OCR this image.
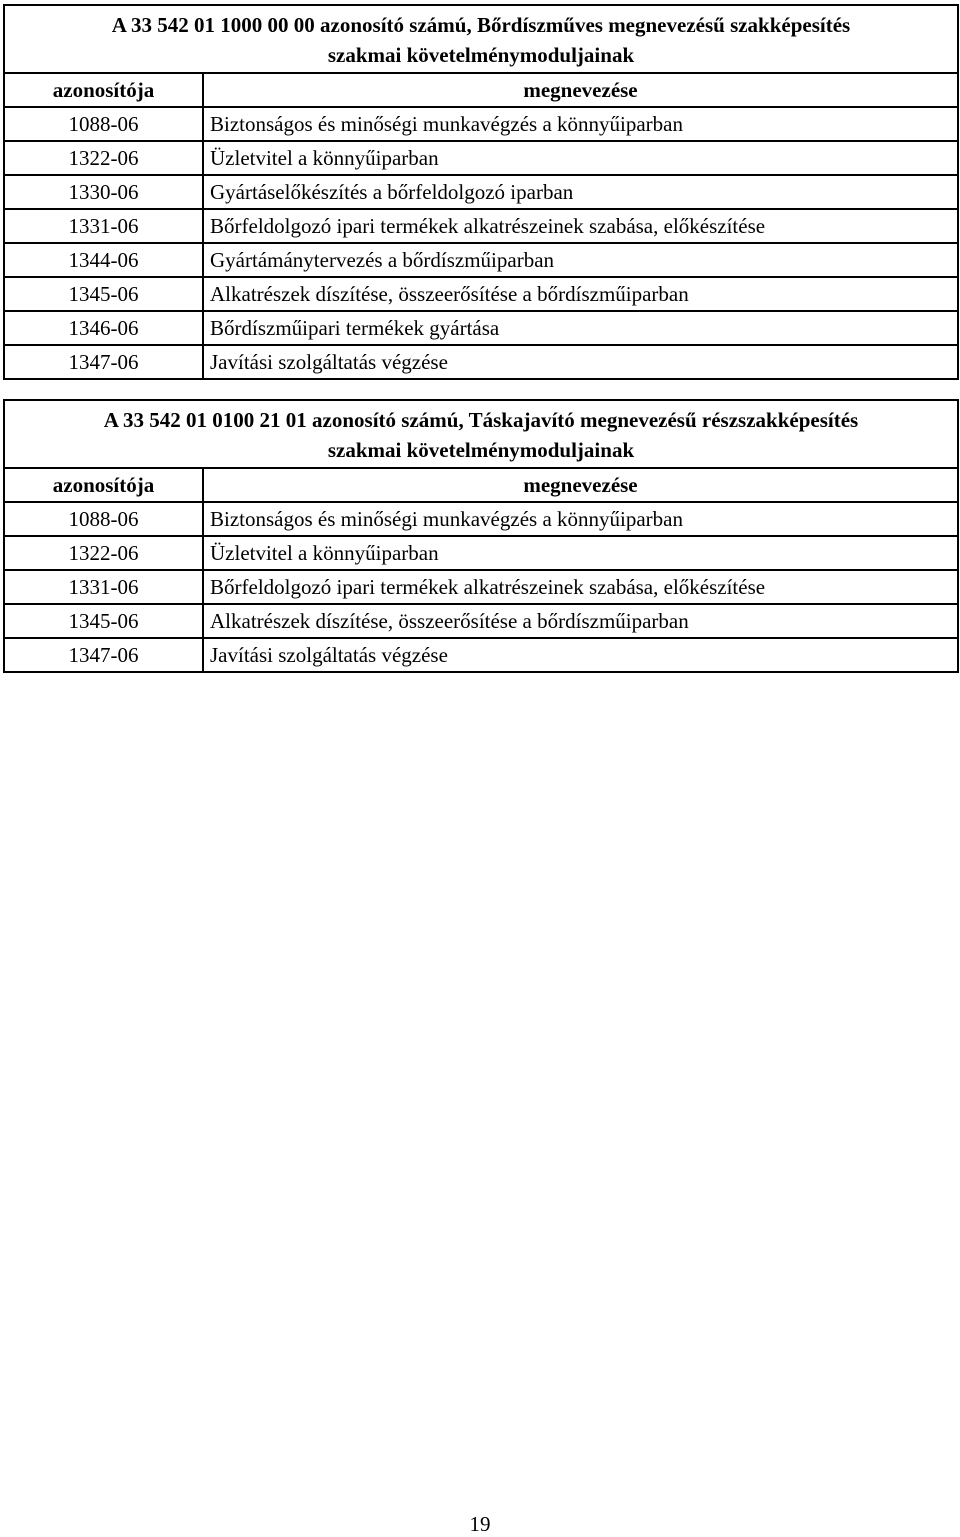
A 33 542 01 1000 00 00 azonosító számú, Bőrdíszműves megnevezésű szakképesítés
szakmai követelménymoduljainak	

azonosítója	megnevezése
1088-06	Biztonságos és minőségi munkavégzés a könnyűiparban
1322-06	Üzletvitel a könnyűiparban
1330-06	Gyártáselőkészítés a bőrfeldolgozó iparban
1331-06	Bőrfeldolgozó ipari termékek alkatrészeinek szabása, előkészítése
1344-06	Gyártámánytervezés a bőrdíszműiparban
1345-06	Alkatrészek díszítése, összeerősítése a bőrdíszműiparban
1346-06	Bőrdíszműipari termékek gyártása
1347-06	Javítási szolgáltatás végzése
A 33 542 01 0100 21 01 azonosító számú, Táskajavító megnevezésű részszakképesítés
szakmai követelménymoduljainak	

azonosítója	megnevezése
1088-06	Biztonságos és minőségi munkavégzés a könnyűiparban
1322-06	Üzletvitel a könnyűiparban
1331-06	Bőrfeldolgozó ipari termékek alkatrészeinek szabása, előkészítése
1345-06	Alkatrészek díszítése, összeerősítése a bőrdíszműiparban
1347-06	Javítási szolgáltatás végzése
19
